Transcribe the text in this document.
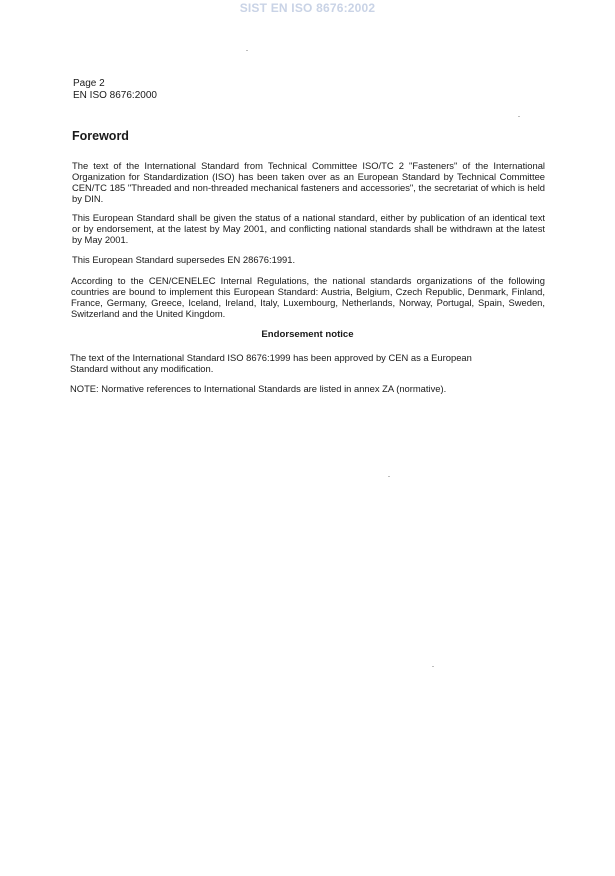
SIST EN ISO 8676:2002
Page 2
EN ISO 8676:2000
Foreword

The text of the International Standard from Technical Committee ISO/TC 2 "Fasteners" of the International Organization for Standardization (ISO) has been taken over as an European Standard by Technical Committee CEN/TC 185 "Threaded and non-threaded mechanical fasteners and accessories", the secretariat of which is held by DIN.

This European Standard shall be given the status of a national standard, either by publication of an identical text or by endorsement, at the latest by May 2001, and conflicting national standards shall be withdrawn at the latest by May 2001.

This European Standard supersedes EN 28676:1991.

According to the CEN/CENELEC Internal Regulations, the national standards organizations of the following countries are bound to implement this European Standard: Austria, Belgium, Czech Republic, Denmark, Finland, France, Germany, Greece, Iceland, Ireland, Italy, Luxembourg, Netherlands, Norway, Portugal, Spain, Sweden, Switzerland and the United Kingdom.

Endorsement notice

The text of the International Standard ISO 8676:1999 has been approved by CEN as a European Standard without any modification.

NOTE: Normative references to International Standards are listed in annex ZA (normative).
